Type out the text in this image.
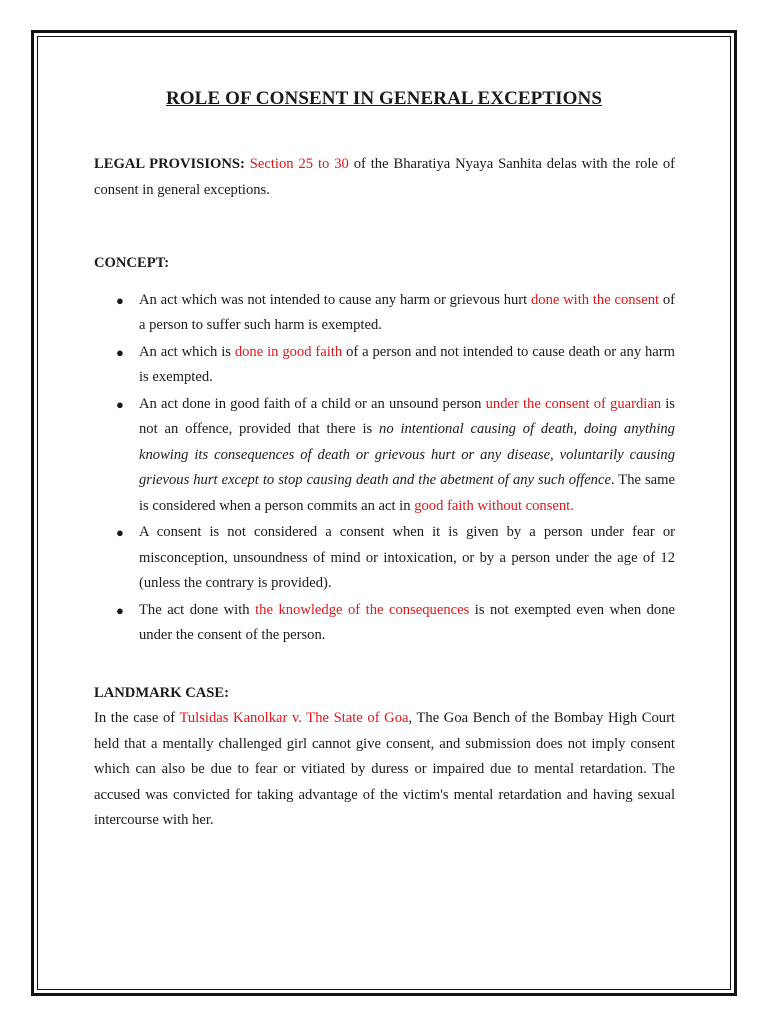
ROLE OF CONSENT IN GENERAL EXCEPTIONS

LEGAL PROVISIONS: Section 25 to 30 of the Bharatiya Nyaya Sanhita delas with the role of consent in general exceptions.

CONCEPT:

● An act which was not intended to cause any harm or grievous hurt done with the consent of a person to suffer such harm is exempted.
● An act which is done in good faith of a person and not intended to cause death or any harm is exempted.
● An act done in good faith of a child or an unsound person under the consent of guardian is not an offence, provided that there is no intentional causing of death, doing anything knowing its consequences of death or grievous hurt or any disease, voluntarily causing grievous hurt except to stop causing death and the abetment of any such offence. The same is considered when a person commits an act in good faith without consent.
● A consent is not considered a consent when it is given by a person under fear or misconception, unsoundness of mind or intoxication, or by a person under the age of 12 (unless the contrary is provided).
● The act done with the knowledge of the consequences is not exempted even when done under the consent of the person.

LANDMARK CASE:

In the case of Tulsidas Kanolkar v. The State of Goa, The Goa Bench of the Bombay High Court held that a mentally challenged girl cannot give consent, and submission does not imply consent which can also be due to fear or vitiated by duress or impaired due to mental retardation. The accused was convicted for taking advantage of the victim's mental retardation and having sexual intercourse with her.
